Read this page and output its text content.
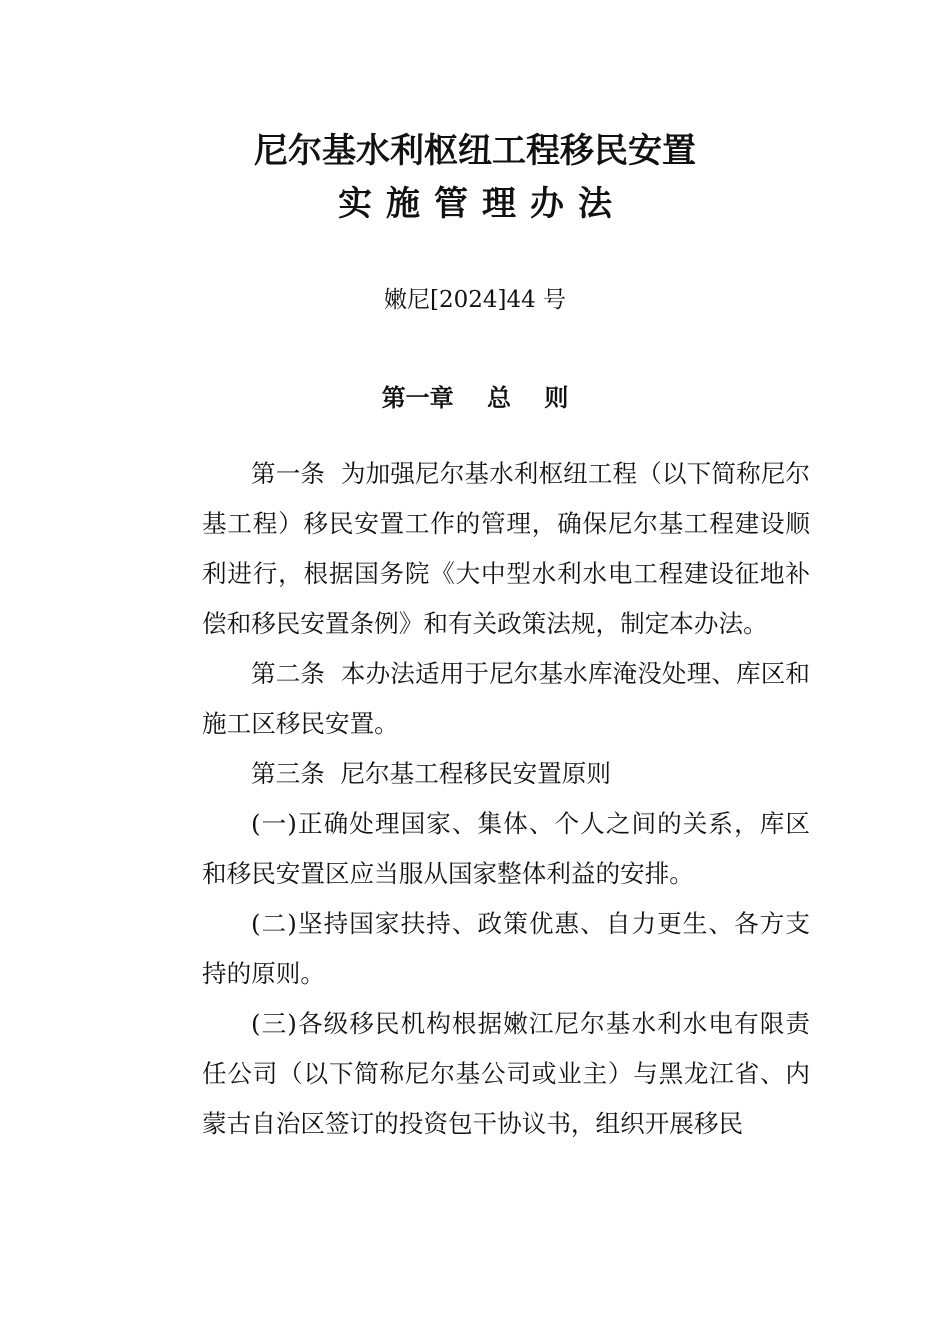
尼尔基水利枢纽工程移民安置
实施管理办法
嫩尼[2024]44 号
第一章    总    则

第一条  为加强尼尔基水利枢纽工程（以下简称尼尔基工程）移民安置工作的管理，确保尼尔基工程建设顺利进行，根据国务院《大中型水利水电工程建设征地补偿和移民安置条例》和有关政策法规，制定本办法。

第二条  本办法适用于尼尔基水库淹没处理、库区和施工区移民安置。

第三条  尼尔基工程移民安置原则

(一)正确处理国家、集体、个人之间的关系，库区和移民安置区应当服从国家整体利益的安排。

(二)坚持国家扶持、政策优惠、自力更生、各方支持的原则。

(三)各级移民机构根据嫩江尼尔基水利水电有限责任公司（以下简称尼尔基公司或业主）与黑龙江省、内蒙古自治区签订的投资包干协议书，组织开展移民
